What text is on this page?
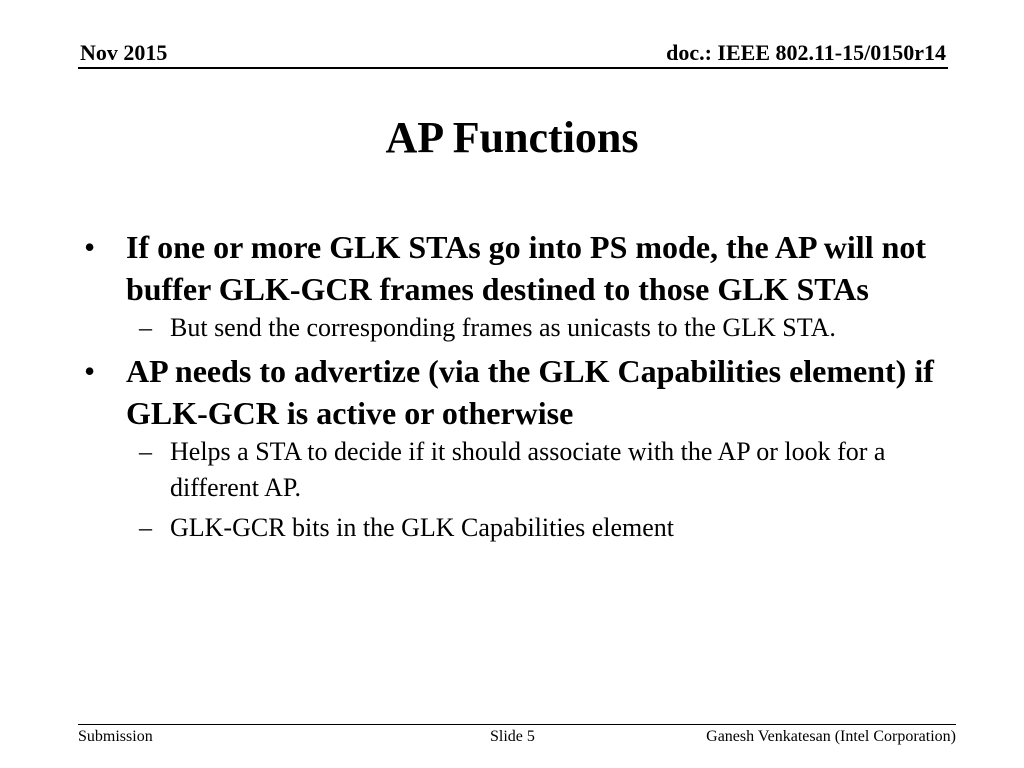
Nov 2015	doc.: IEEE 802.11-15/0150r14
AP Functions

• If one or more GLK STAs go into PS mode, the AP will not buffer GLK-GCR frames destined to those GLK STAs

– But send the corresponding frames as unicasts to the GLK STA.

• AP needs to advertize (via the GLK Capabilities element) if GLK-GCR is active or otherwise

– Helps a STA to decide if it should associate with the AP or look for a different AP.

– GLK-GCR bits in the GLK Capabilities element

Submission	Slide 5	Ganesh Venkatesan (Intel Corporation)
